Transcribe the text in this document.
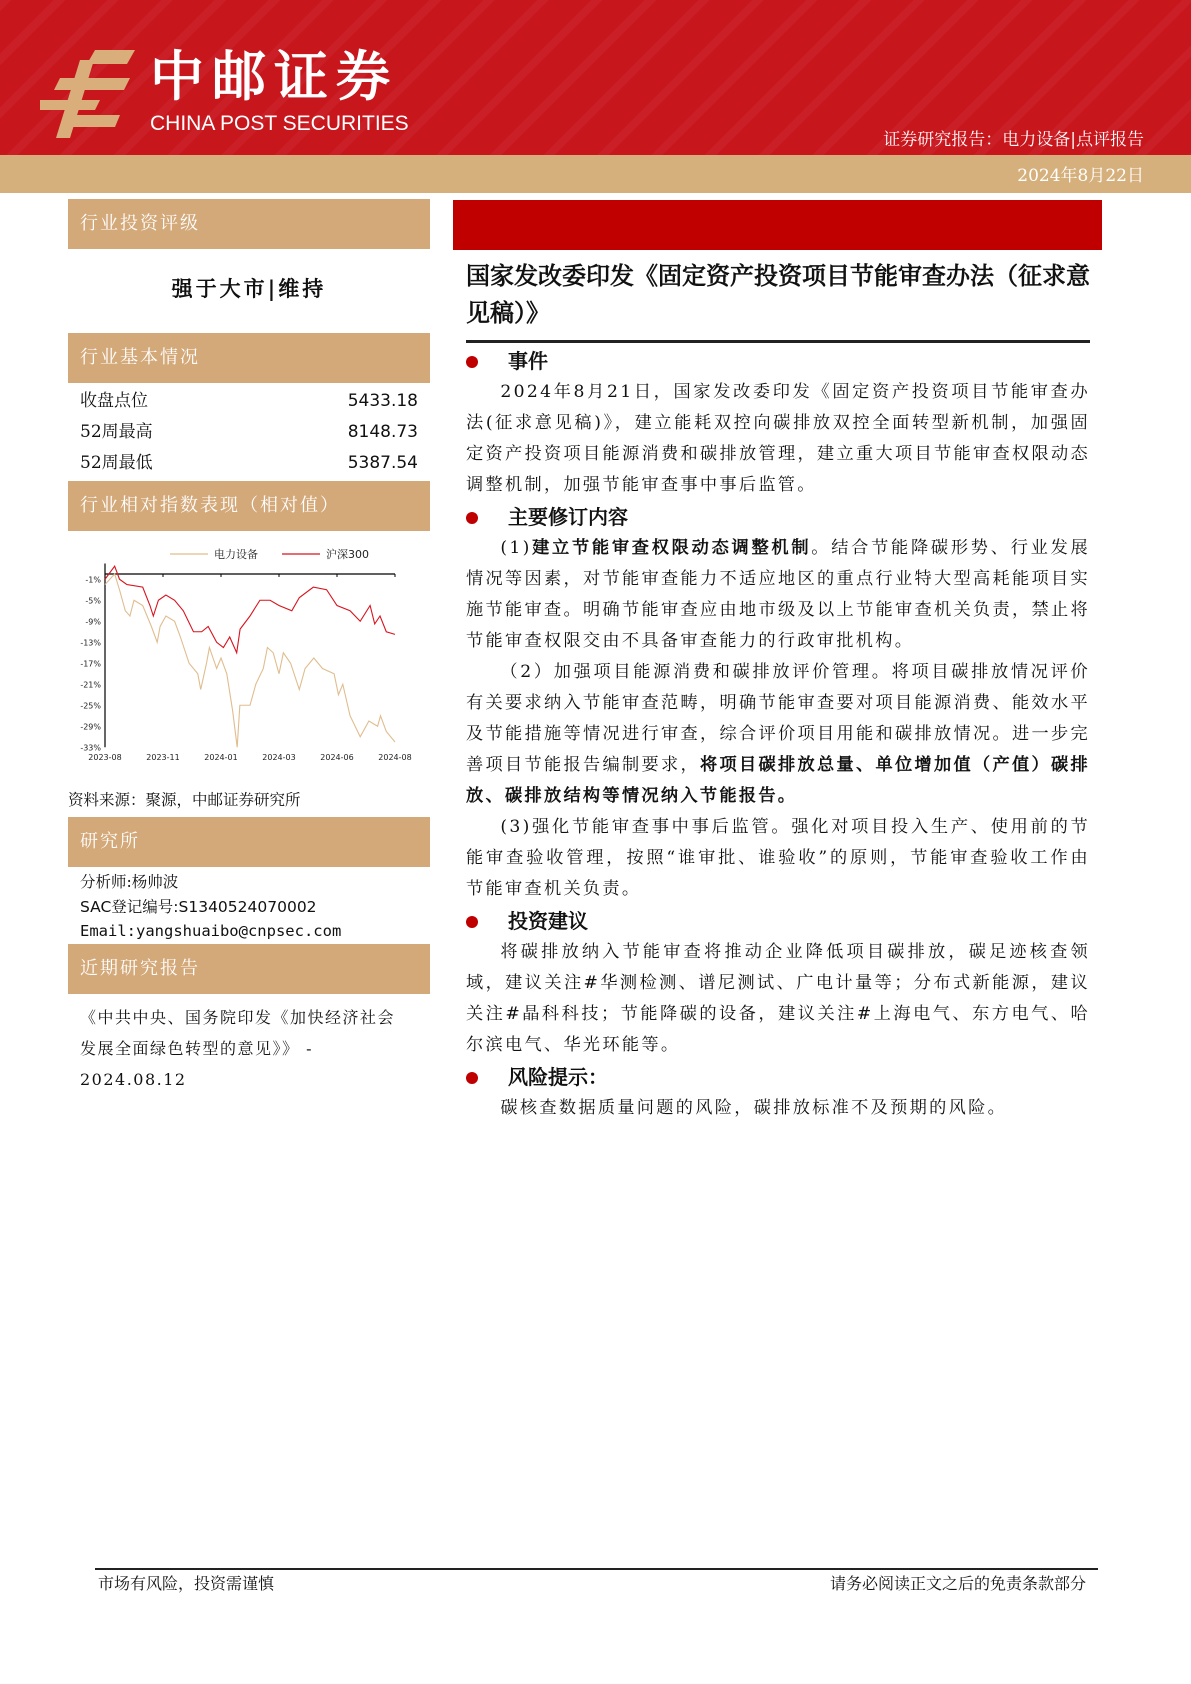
中邮证券
CHINA POST SECURITIES
证券研究报告：电力设备|点评报告
2024年8月22日
行业投资评级
强于大市|维持
行业基本情况
收盘点位	5433.18
52周最高	8148.73
52周最低	5387.54
行业相对指数表现（相对值）
-1%
-5%
-9%
-13%
-17%
-21%
-25%
-29%
-33%
2023-08	2023-11	2024-01	2024-03	2024-06	2024-08
电力设备	沪深300
资料来源：聚源，中邮证券研究所
研究所
分析师:杨帅波
SAC登记编号:S1340524070002
Email:yangshuaibo@cnpsec.com
近期研究报告
《中共中央、国务院印发《加快经济社会发展全面绿色转型的意见》》 - 2024.08.12
国家发改委印发《固定资产投资项目节能审查办法（征求意见稿）》
事件
2024年8月21日，国家发改委印发《固定资产投资项目节能审查办法(征求意见稿)》，建立能耗双控向碳排放双控全面转型新机制，加强固定资产投资项目能源消费和碳排放管理，建立重大项目节能审查权限动态调整机制，加强节能审查事中事后监管。
主要修订内容
(1)建立节能审查权限动态调整机制。结合节能降碳形势、行业发展情况等因素，对节能审查能力不适应地区的重点行业特大型高耗能项目实施节能审查。明确节能审查应由地市级及以上节能审查机关负责，禁止将节能审查权限交由不具备审查能力的行政审批机构。
（2）加强项目能源消费和碳排放评价管理。将项目碳排放情况评价有关要求纳入节能审查范畴，明确节能审查要对项目能源消费、能效水平及节能措施等情况进行审查，综合评价项目用能和碳排放情况。进一步完善项目节能报告编制要求，将项目碳排放总量、单位增加值（产值）碳排放、碳排放结构等情况纳入节能报告。
(3)强化节能审查事中事后监管。强化对项目投入生产、使用前的节能审查验收管理，按照“谁审批、谁验收”的原则，节能审查验收工作由节能审查机关负责。
投资建议
将碳排放纳入节能审查将推动企业降低项目碳排放，碳足迹核查领域，建议关注#华测检测、谱尼测试、广电计量等；分布式新能源，建议关注#晶科科技；节能降碳的设备，建议关注#上海电气、东方电气、哈尔滨电气、华光环能等。
风险提示：
碳核查数据质量问题的风险，碳排放标准不及预期的风险。
市场有风险，投资需谨慎	请务必阅读正文之后的免责条款部分
